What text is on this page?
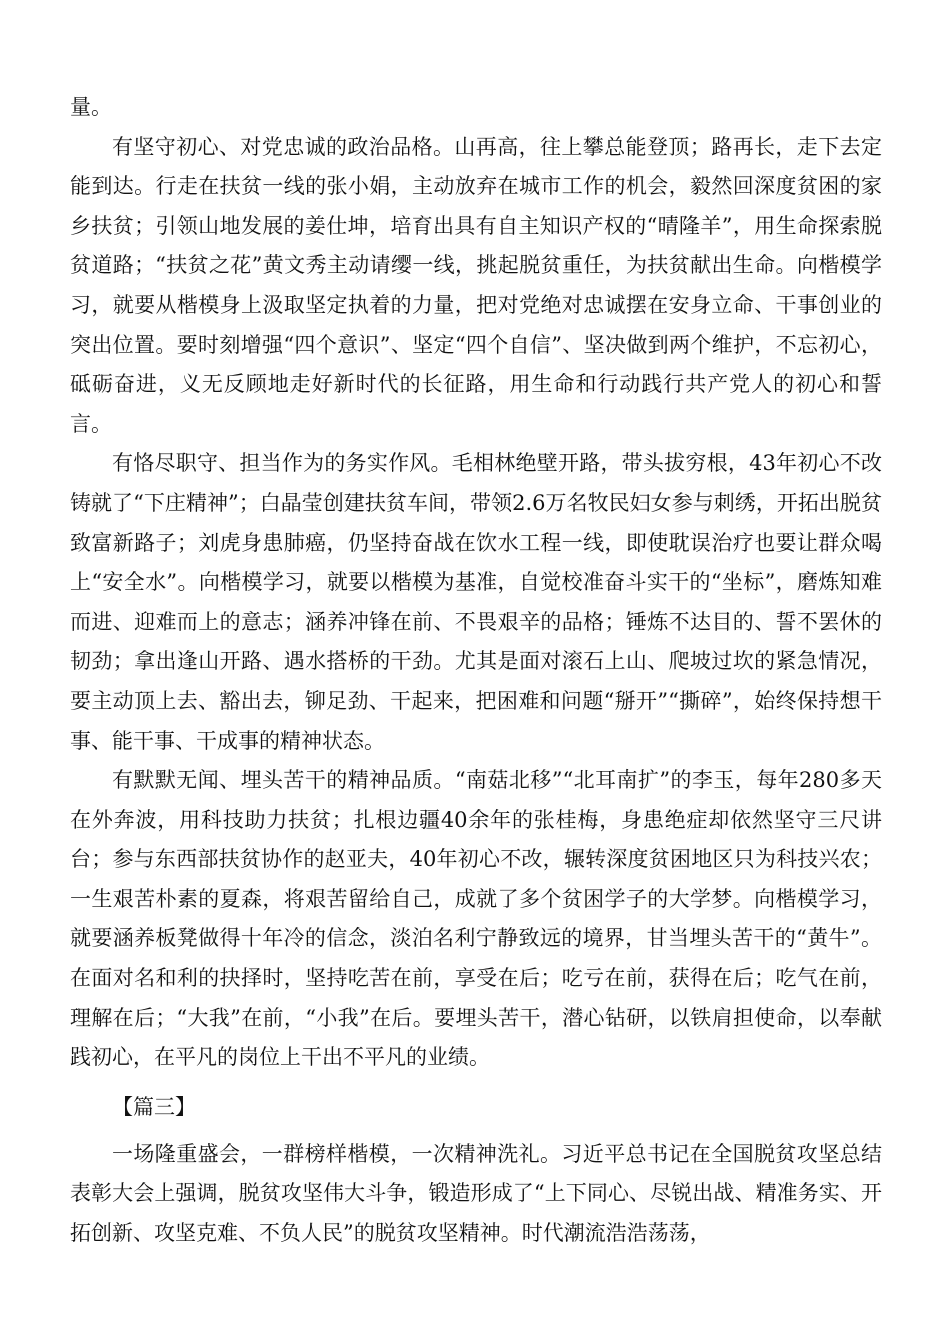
量。

有坚守初心、对党忠诚的政治品格。山再高，往上攀总能登顶；路再长，走下去定能到达。行走在扶贫一线的张小娟，主动放弃在城市工作的机会，毅然回深度贫困的家乡扶贫；引领山地发展的姜仕坤，培育出具有自主知识产权的“晴隆羊”，用生命探索脱贫道路；“扶贫之花”黄文秀主动请缨一线，挑起脱贫重任，为扶贫献出生命。向楷模学习，就要从楷模身上汲取坚定执着的力量，把对党绝对忠诚摆在安身立命、干事创业的突出位置。要时刻增强“四个意识”、坚定“四个自信”、坚决做到两个维护，不忘初心，砥砺奋进，义无反顾地走好新时代的长征路，用生命和行动践行共产党人的初心和誓言。

有恪尽职守、担当作为的务实作风。毛相林绝壁开路，带头拔穷根，43年初心不改铸就了“下庄精神”；白晶莹创建扶贫车间，带领2.6万名牧民妇女参与刺绣，开拓出脱贫致富新路子；刘虎身患肺癌，仍坚持奋战在饮水工程一线，即使耽误治疗也要让群众喝上“安全水”。向楷模学习，就要以楷模为基准，自觉校准奋斗实干的“坐标”，磨炼知难而进、迎难而上的意志；涵养冲锋在前、不畏艰辛的品格；锤炼不达目的、誓不罢休的韧劲；拿出逢山开路、遇水搭桥的干劲。尤其是面对滚石上山、爬坡过坎的紧急情况，要主动顶上去、豁出去，铆足劲、干起来，把困难和问题“掰开”“撕碎”，始终保持想干事、能干事、干成事的精神状态。

有默默无闻、埋头苦干的精神品质。“南菇北移”“北耳南扩”的李玉，每年280多天在外奔波，用科技助力扶贫；扎根边疆40余年的张桂梅，身患绝症却依然坚守三尺讲台；参与东西部扶贫协作的赵亚夫，40年初心不改，辗转深度贫困地区只为科技兴农；一生艰苦朴素的夏森，将艰苦留给自己，成就了多个贫困学子的大学梦。向楷模学习，就要涵养板凳做得十年冷的信念，淡泊名利宁静致远的境界，甘当埋头苦干的“黄牛”。在面对名和利的抉择时，坚持吃苦在前，享受在后；吃亏在前，获得在后；吃气在前，理解在后；“大我”在前，“小我”在后。要埋头苦干，潜心钻研，以铁肩担使命，以奉献践初心，在平凡的岗位上干出不平凡的业绩。

【篇三】

一场隆重盛会，一群榜样楷模，一次精神洗礼。习近平总书记在全国脱贫攻坚总结表彰大会上强调，脱贫攻坚伟大斗争，锻造形成了“上下同心、尽锐出战、精准务实、开拓创新、攻坚克难、不负人民”的脱贫攻坚精神。时代潮流浩浩荡荡，
